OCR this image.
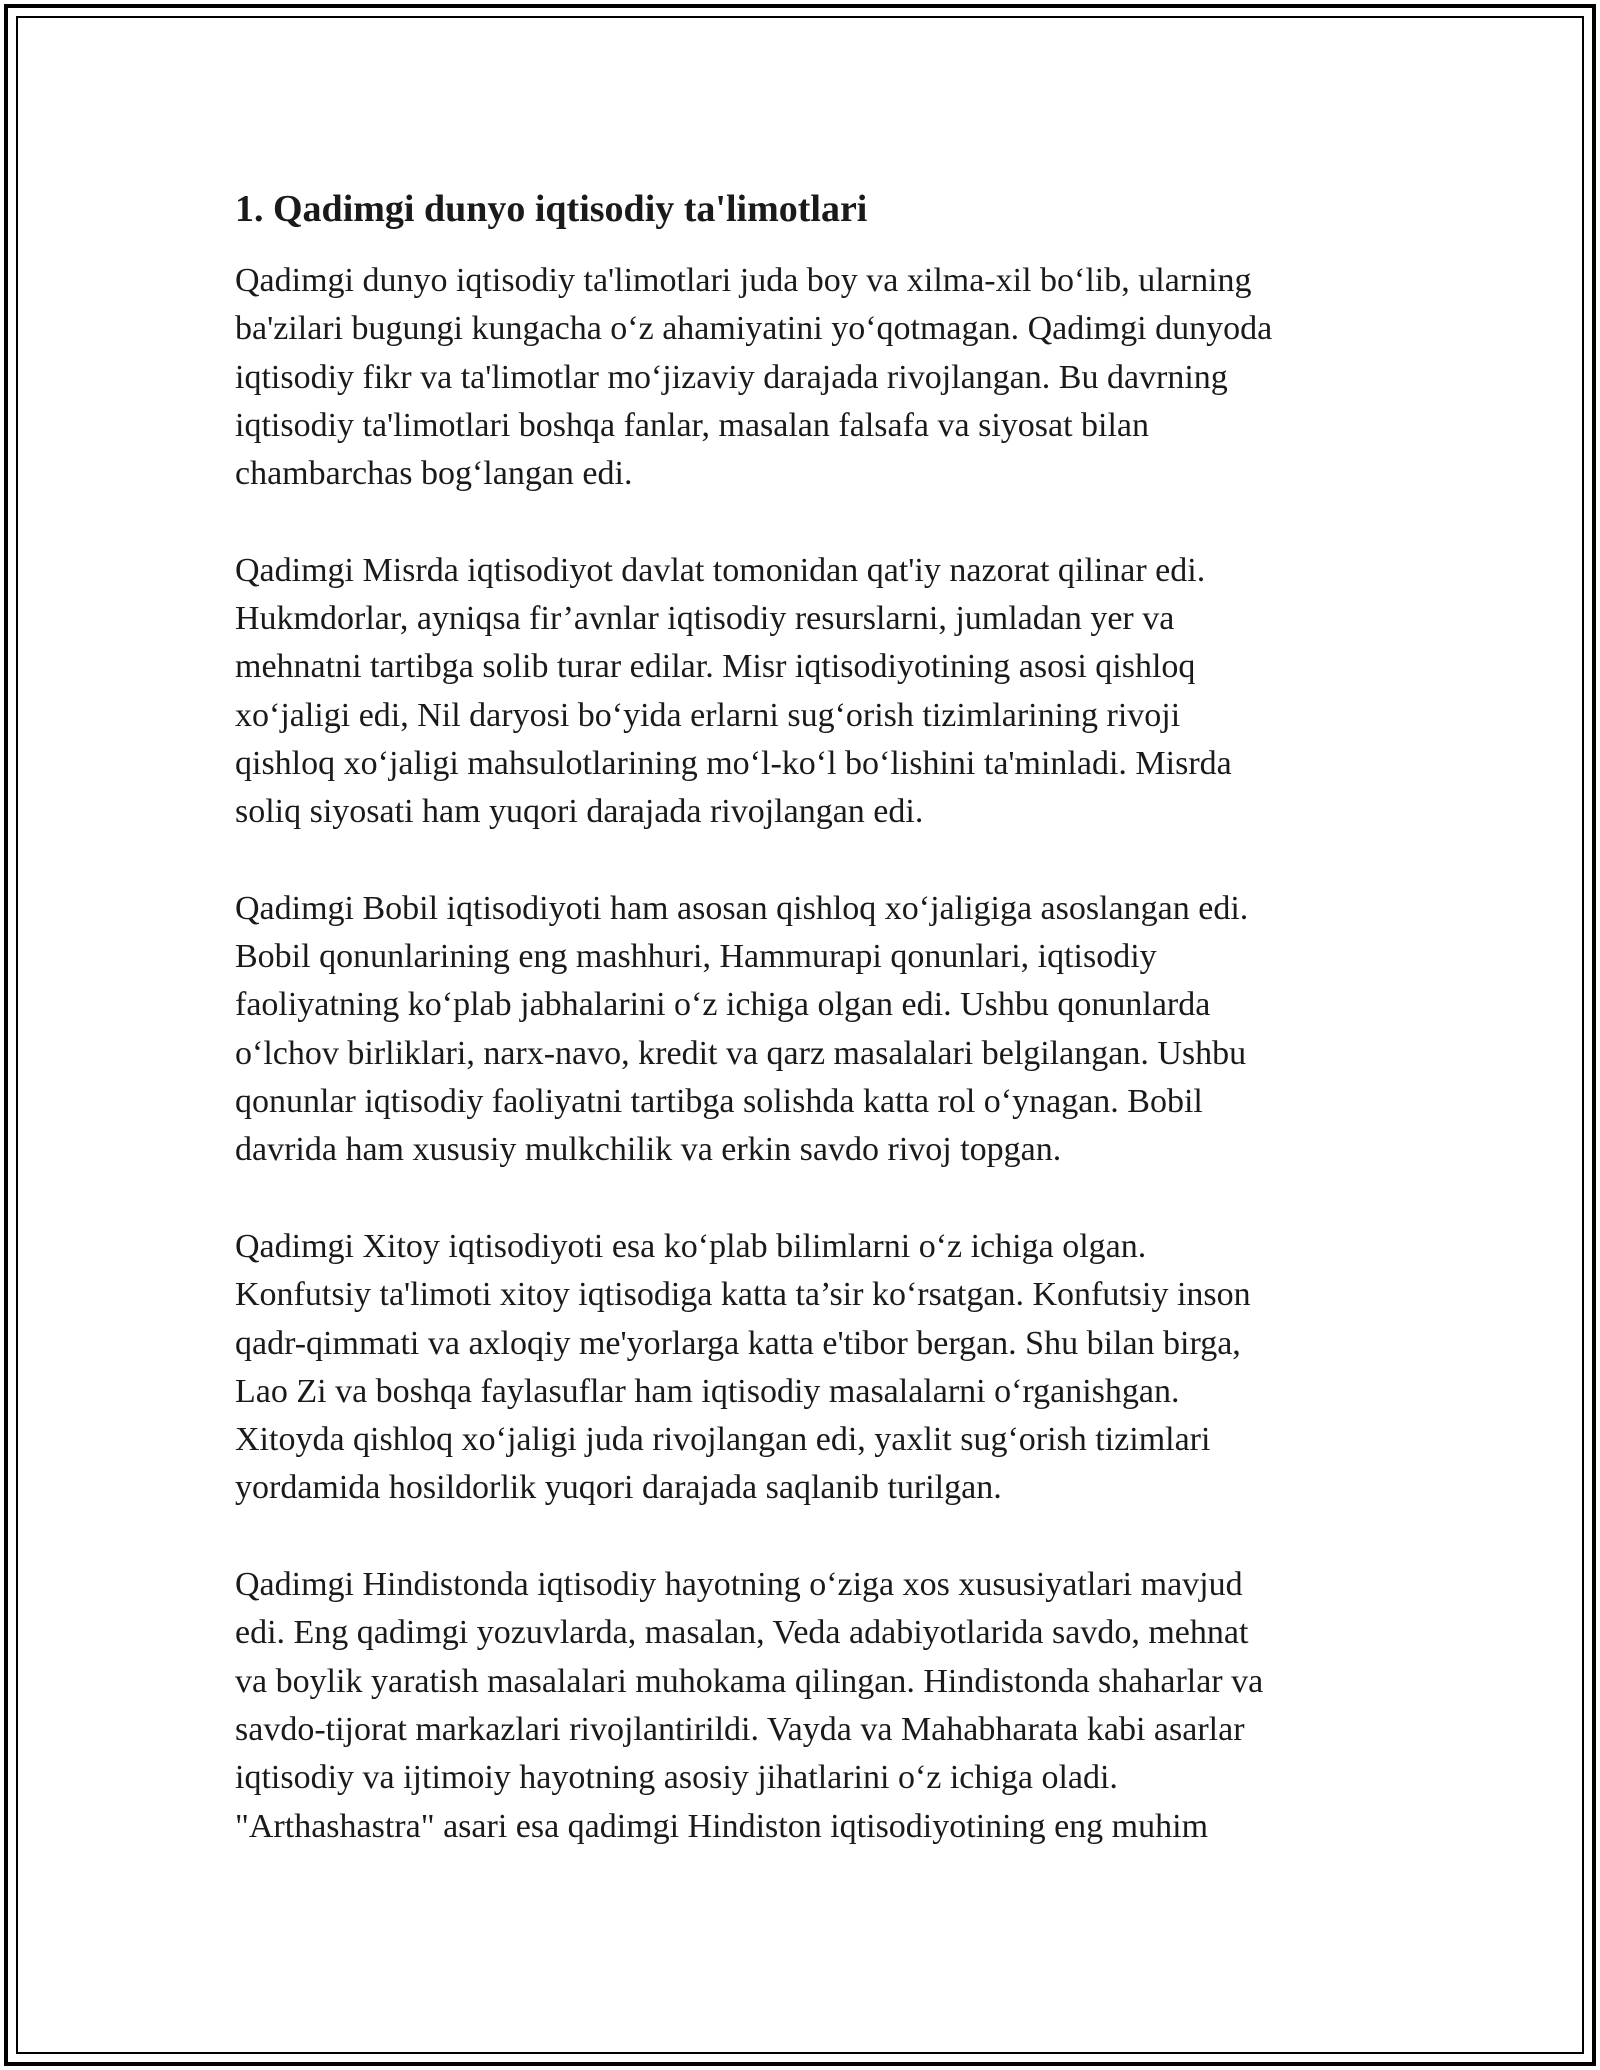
1. Qadimgi dunyo iqtisodiy ta'limotlari

Qadimgi dunyo iqtisodiy ta'limotlari juda boy va xilma-xil bo‘lib, ularning
ba'zilari bugungi kungacha o‘z ahamiyatini yo‘qotmagan. Qadimgi dunyoda
iqtisodiy fikr va ta'limotlar mo‘jizaviy darajada rivojlangan. Bu davrning
iqtisodiy ta'limotlari boshqa fanlar, masalan falsafa va siyosat bilan
chambarchas bog‘langan edi.

Qadimgi Misrda iqtisodiyot davlat tomonidan qat'iy nazorat qilinar edi.
Hukmdorlar, ayniqsa fir’avnlar iqtisodiy resurslarni, jumladan yer va
mehnatni tartibga solib turar edilar. Misr iqtisodiyotining asosi qishloq
xo‘jaligi edi, Nil daryosi bo‘yida erlarni sug‘orish tizimlarining rivoji
qishloq xo‘jaligi mahsulotlarining mo‘l-ko‘l bo‘lishini ta'minladi. Misrda
soliq siyosati ham yuqori darajada rivojlangan edi.

Qadimgi Bobil iqtisodiyoti ham asosan qishloq xo‘jaligiga asoslangan edi.
Bobil qonunlarining eng mashhuri, Hammurapi qonunlari, iqtisodiy
faoliyatning ko‘plab jabhalarini o‘z ichiga olgan edi. Ushbu qonunlarda
o‘lchov birliklari, narx-navo, kredit va qarz masalalari belgilangan. Ushbu
qonunlar iqtisodiy faoliyatni tartibga solishda katta rol o‘ynagan. Bobil
davrida ham xususiy mulkchilik va erkin savdo rivoj topgan.

Qadimgi Xitoy iqtisodiyoti esa ko‘plab bilimlarni o‘z ichiga olgan.
Konfutsiy ta'limoti xitoy iqtisodiga katta ta’sir ko‘rsatgan. Konfutsiy inson
qadr-qimmati va axloqiy me'yorlarga katta e'tibor bergan. Shu bilan birga,
Lao Zi va boshqa faylasuflar ham iqtisodiy masalalarni o‘rganishgan.
Xitoyda qishloq xo‘jaligi juda rivojlangan edi, yaxlit sug‘orish tizimlari
yordamida hosildorlik yuqori darajada saqlanib turilgan.

Qadimgi Hindistonda iqtisodiy hayotning o‘ziga xos xususiyatlari mavjud
edi. Eng qadimgi yozuvlarda, masalan, Veda adabiyotlarida savdo, mehnat
va boylik yaratish masalalari muhokama qilingan. Hindistonda shaharlar va
savdo-tijorat markazlari rivojlantirildi. Vayda va Mahabharata kabi asarlar
iqtisodiy va ijtimoiy hayotning asosiy jihatlarini o‘z ichiga oladi.
"Arthashastra" asari esa qadimgi Hindiston iqtisodiyotining eng muhim
